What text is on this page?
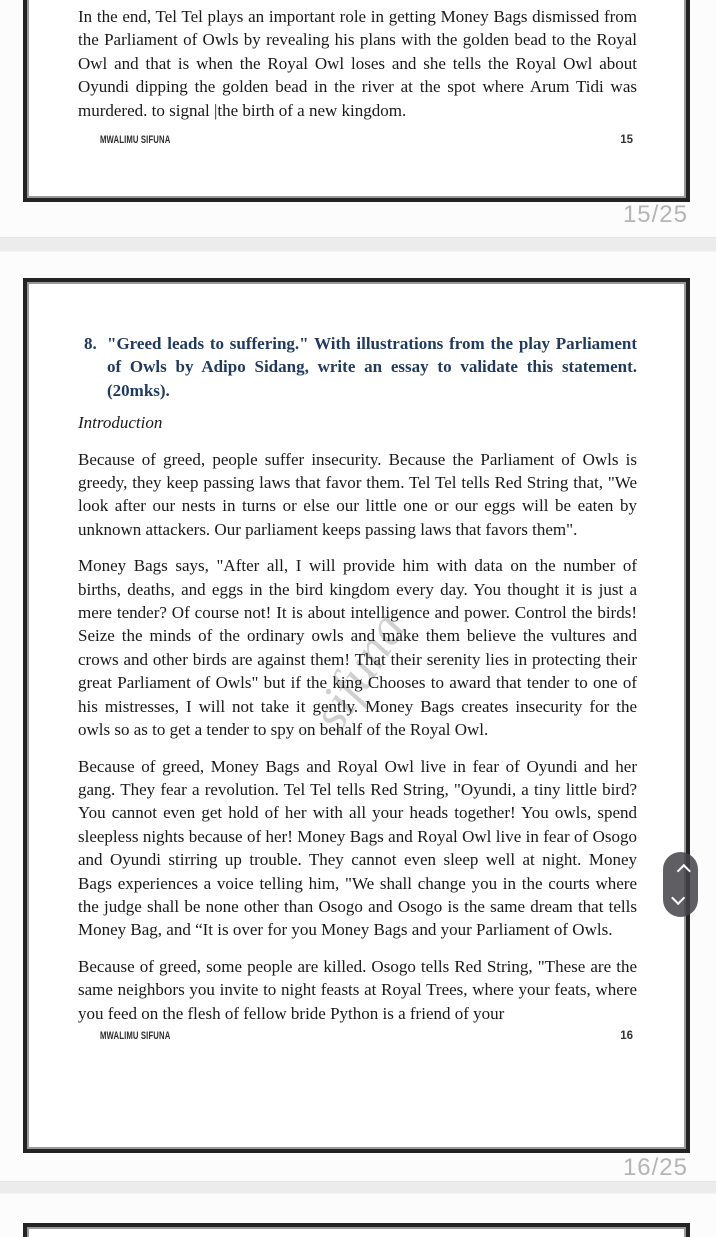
In the end, Tel Tel plays an important role in getting Money Bags dismissed from the Parliament of Owls by revealing his plans with the golden bead to the Royal Owl and that is when the Royal Owl loses and she tells the Royal Owl about Oyundi dipping the golden bead in the river at the spot where Arum Tidi was murdered. to signal |the birth of a new kingdom.

MWALIMU SIFUNA	15
15/25
sifuna
8. "Greed leads to suffering." With illustrations from the play Parliament of Owls by Adipo Sidang, write an essay to validate this statement. (20mks).
Introduction

Because of greed, people suffer insecurity. Because the Parliament of Owls is greedy, they keep passing laws that favor them. Tel Tel tells Red String that, "We look after our nests in turns or else our little one or our eggs will be eaten by unknown attackers. Our parliament keeps passing laws that favors them".

Money Bags says, "After all, I will provide him with data on the number of births, deaths, and eggs in the bird kingdom every day. You thought it is just a mere tender? Of course not! It is about intelligence and power. Control the birds! Seize the minds of the ordinary owls and make them believe the vultures and crows and other birds are against them! That their serenity lies in protecting their great Parliament of Owls" but if the king Chooses to award that tender to one of his mistresses, I will not take it gently. Money Bags creates insecurity for the owls so as to get a tender to spy on behalf of the Royal Owl.

Because of greed, Money Bags and Royal Owl live in fear of Oyundi and her gang. They fear a revolution. Tel Tel tells Red String, "Oyundi, a tiny little bird? You cannot even get hold of her with all your heads together! You owls, spend sleepless nights because of her! Money Bags and Royal Owl live in fear of Osogo and Oyundi stirring up trouble. They cannot even sleep well at night. Money Bags experiences a voice telling him, "We shall change you in the courts where the judge shall be none other than Osogo and Osogo is the same dream that tells Money Bag, and “It is over for you Money Bags and your Parliament of Owls.

Because of greed, some people are killed. Osogo tells Red String, "These are the same neighbors you invite to night feasts at Royal Trees, where your feats, where you feed on the flesh of fellow bride Python is a friend of your

MWALIMU SIFUNA	16
16/25
